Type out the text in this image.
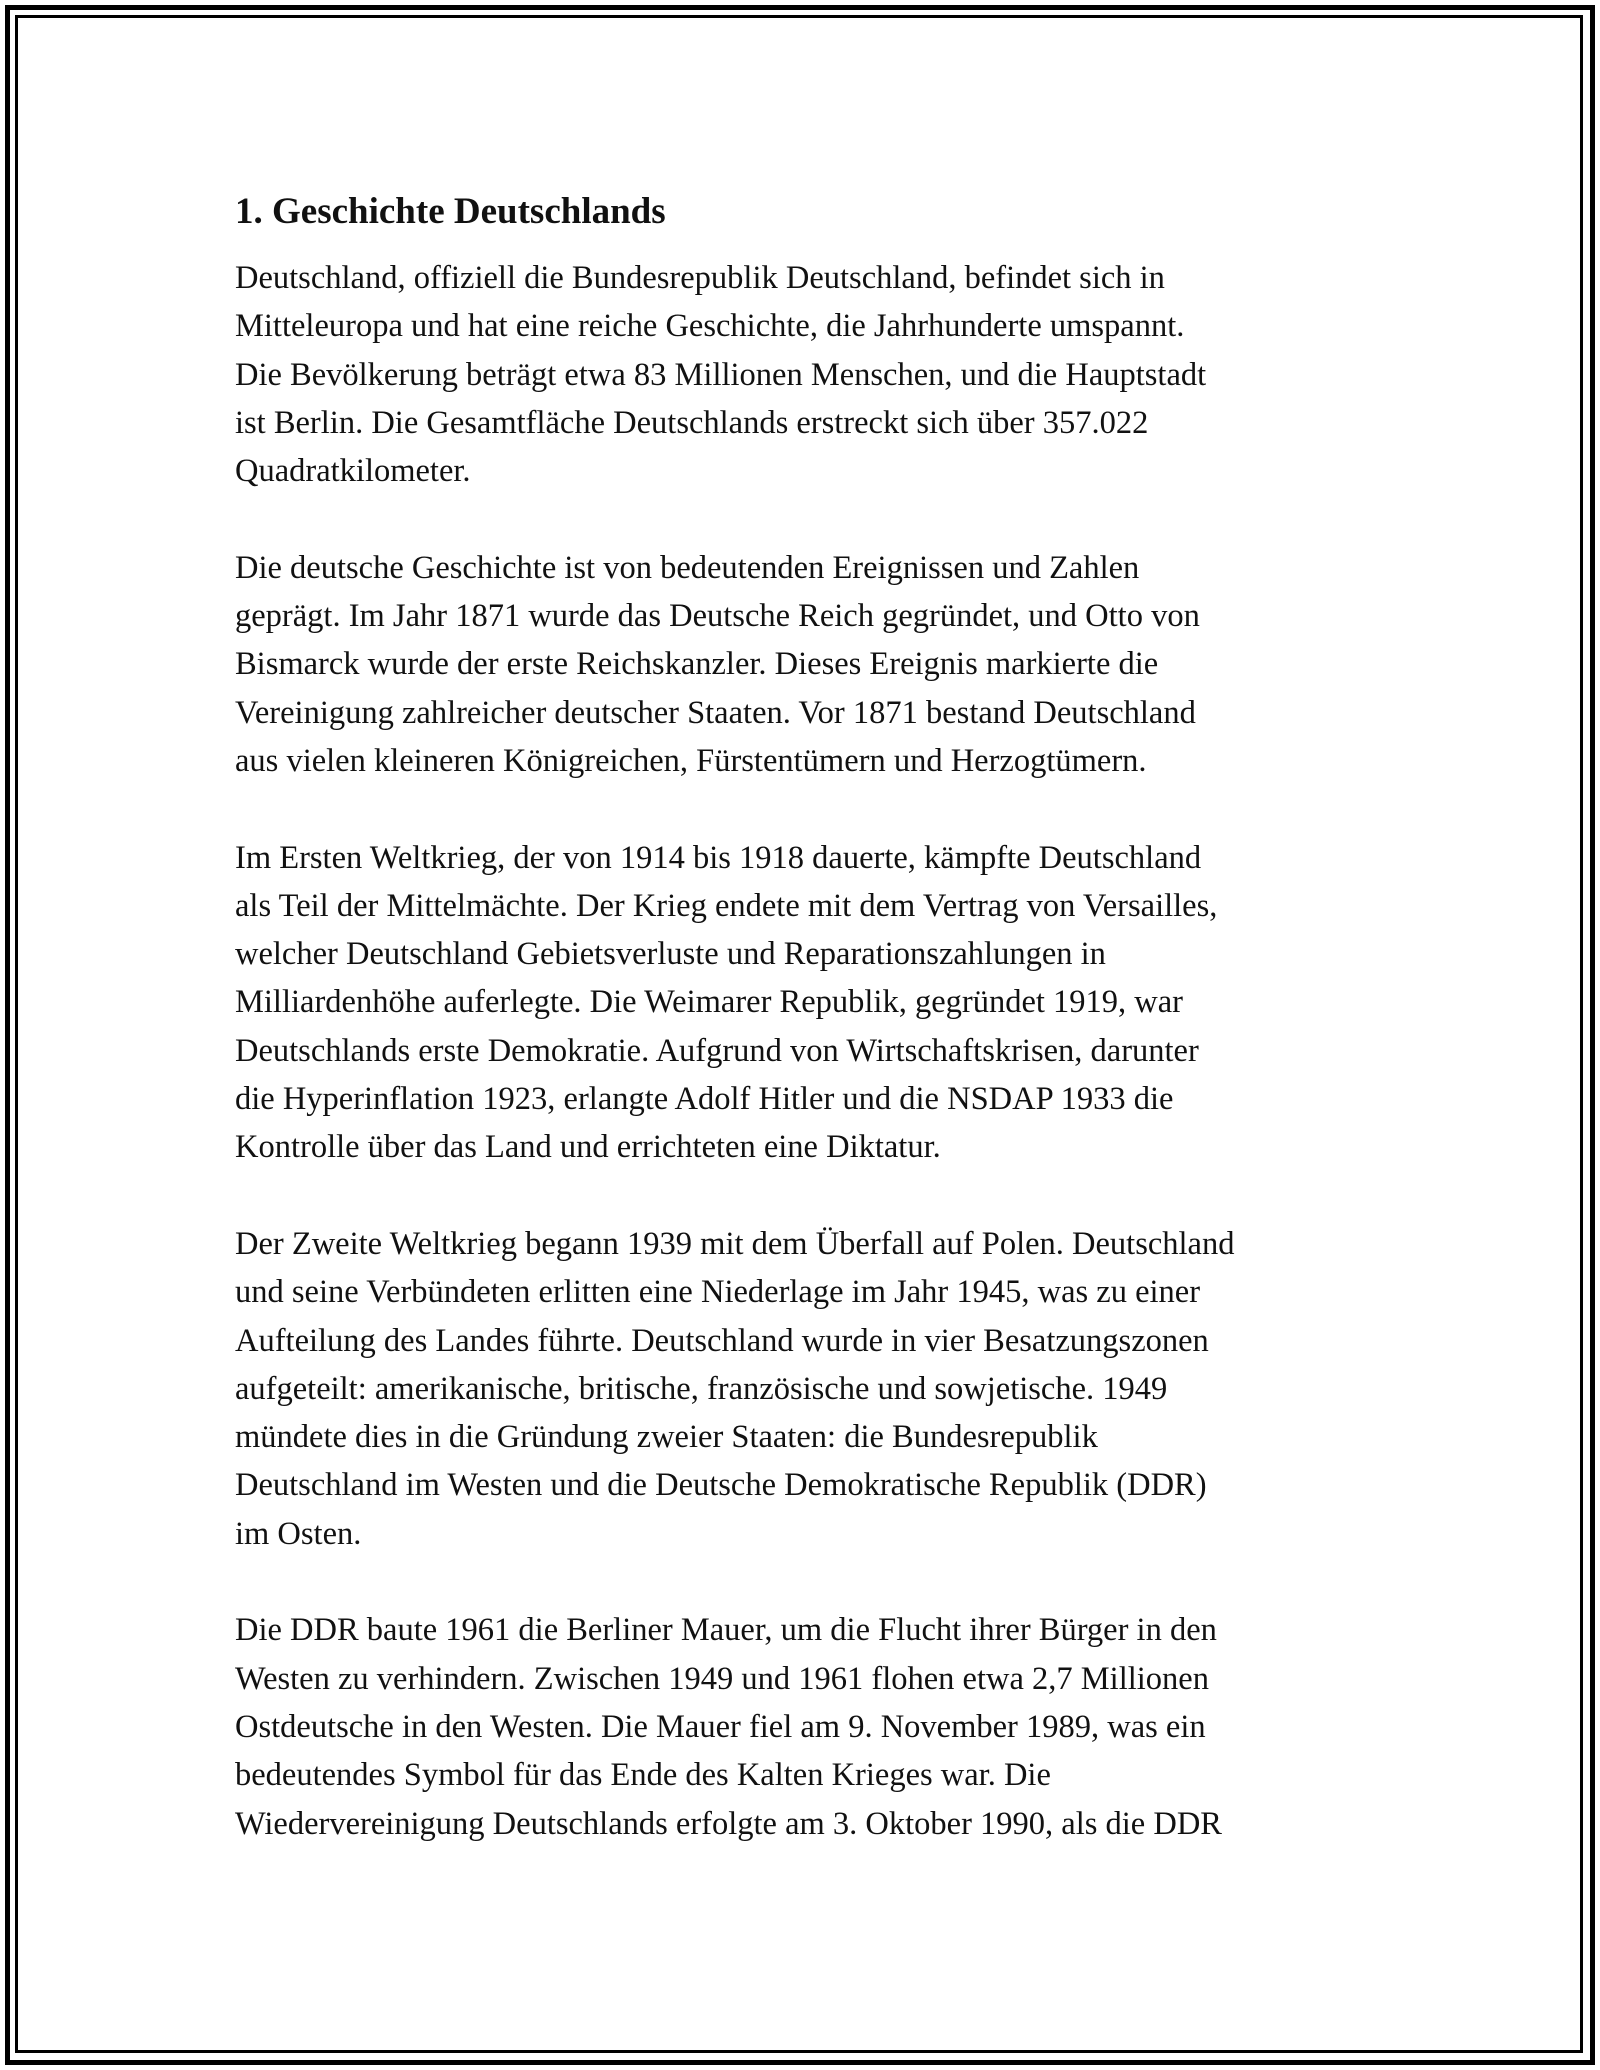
1. Geschichte Deutschlands

Deutschland, offiziell die Bundesrepublik Deutschland, befindet sich in
Mitteleuropa und hat eine reiche Geschichte, die Jahrhunderte umspannt.
Die Bevölkerung beträgt etwa 83 Millionen Menschen, und die Hauptstadt
ist Berlin. Die Gesamtfläche Deutschlands erstreckt sich über 357.022
Quadratkilometer.

Die deutsche Geschichte ist von bedeutenden Ereignissen und Zahlen
geprägt. Im Jahr 1871 wurde das Deutsche Reich gegründet, und Otto von
Bismarck wurde der erste Reichskanzler. Dieses Ereignis markierte die
Vereinigung zahlreicher deutscher Staaten. Vor 1871 bestand Deutschland
aus vielen kleineren Königreichen, Fürstentümern und Herzogtümern.

Im Ersten Weltkrieg, der von 1914 bis 1918 dauerte, kämpfte Deutschland
als Teil der Mittelmächte. Der Krieg endete mit dem Vertrag von Versailles,
welcher Deutschland Gebietsverluste und Reparationszahlungen in
Milliardenhöhe auferlegte. Die Weimarer Republik, gegründet 1919, war
Deutschlands erste Demokratie. Aufgrund von Wirtschaftskrisen, darunter
die Hyperinflation 1923, erlangte Adolf Hitler und die NSDAP 1933 die
Kontrolle über das Land und errichteten eine Diktatur.

Der Zweite Weltkrieg begann 1939 mit dem Überfall auf Polen. Deutschland
und seine Verbündeten erlitten eine Niederlage im Jahr 1945, was zu einer
Aufteilung des Landes führte. Deutschland wurde in vier Besatzungszonen
aufgeteilt: amerikanische, britische, französische und sowjetische. 1949
mündete dies in die Gründung zweier Staaten: die Bundesrepublik
Deutschland im Westen und die Deutsche Demokratische Republik (DDR)
im Osten.

Die DDR baute 1961 die Berliner Mauer, um die Flucht ihrer Bürger in den
Westen zu verhindern. Zwischen 1949 und 1961 flohen etwa 2,7 Millionen
Ostdeutsche in den Westen. Die Mauer fiel am 9. November 1989, was ein
bedeutendes Symbol für das Ende des Kalten Krieges war. Die
Wiedervereinigung Deutschlands erfolgte am 3. Oktober 1990, als die DDR
